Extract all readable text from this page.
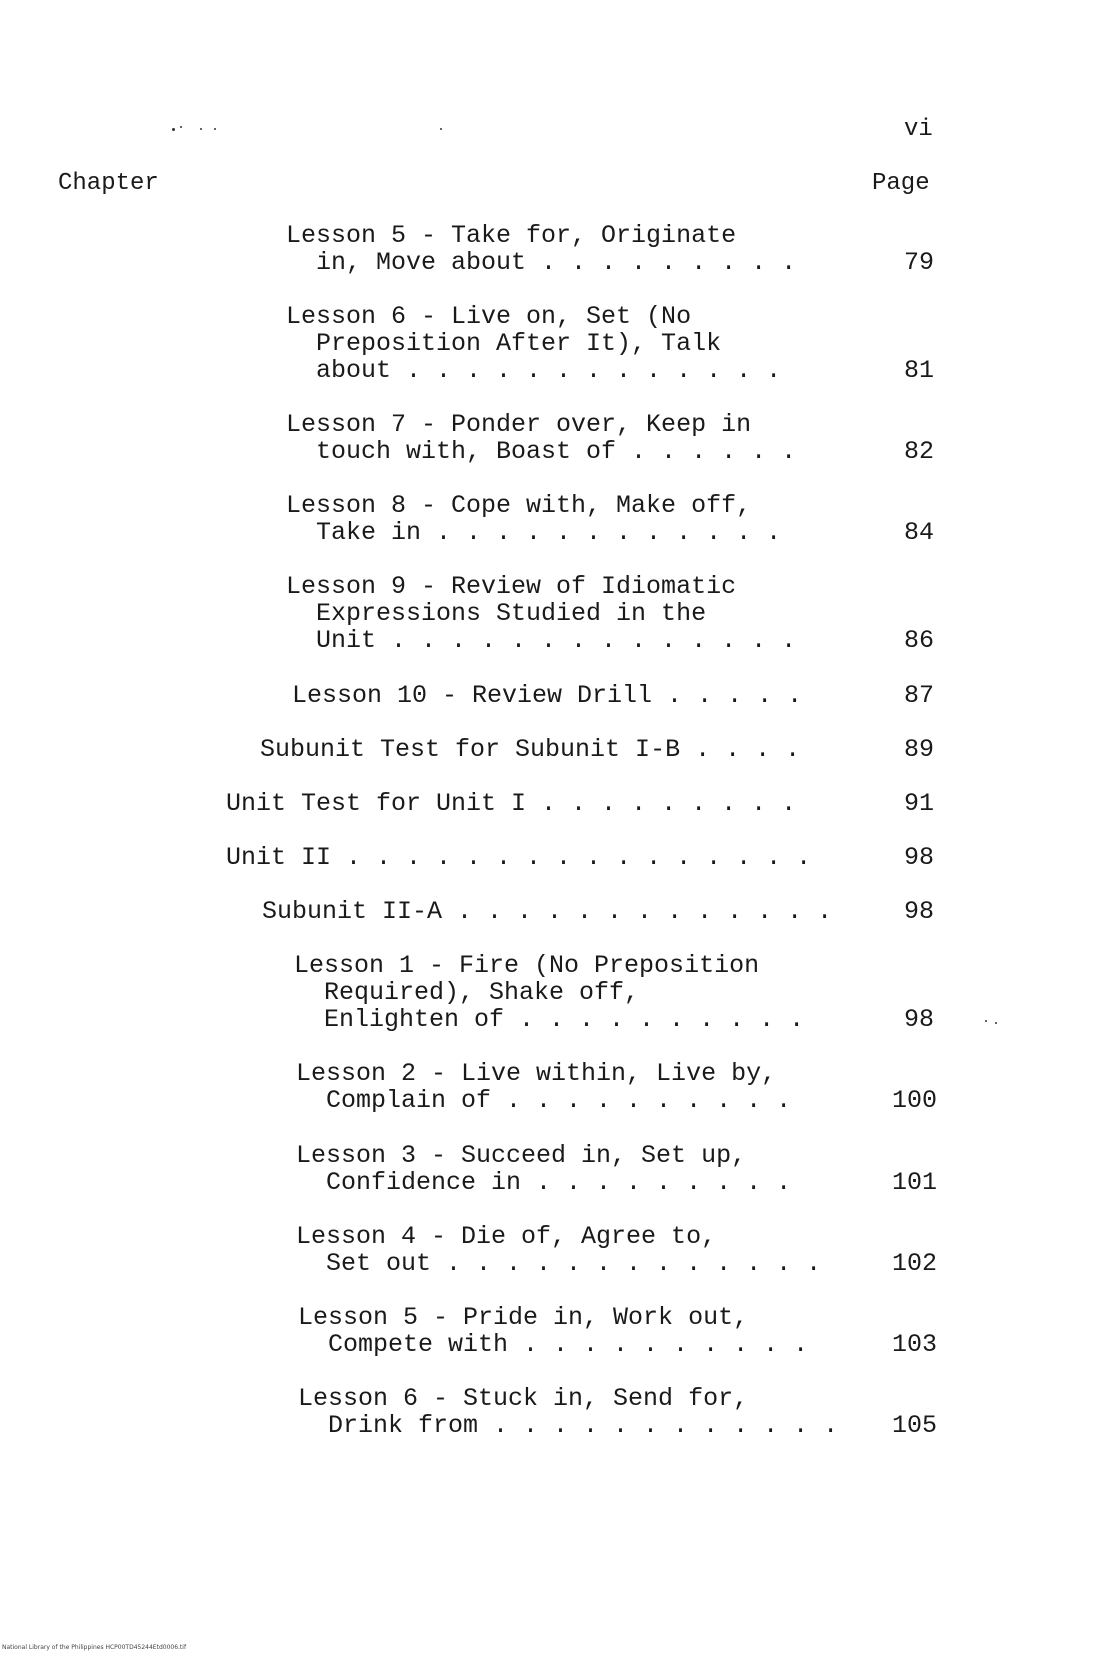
vi
Chapter	Page
Lesson 5 - Take for, Originate
in, Move about . . . . . . . . .	79
Lesson 6 - Live on, Set (No
Preposition After It), Talk
about . . . . . . . . . . . . .	81
Lesson 7 - Ponder over, Keep in
touch with, Boast of . . . . . .	82
Lesson 8 - Cope with, Make off,
Take in . . . . . . . . . . . .	84
Lesson 9 - Review of Idiomatic
Expressions Studied in the
Unit . . . . . . . . . . . . . .	86
Lesson 10 - Review Drill . . . . .	87
Subunit Test for Subunit I-B . . . .	89
Unit Test for Unit I . . . . . . . . .	91
Unit II . . . . . . . . . . . . . . . .	98
Subunit II-A . . . . . . . . . . . . .	98
Lesson 1 - Fire (No Preposition
Required), Shake off,
Enlighten of . . . . . . . . . .	98
Lesson 2 - Live within, Live by,
Complain of . . . . . . . . . .	100
Lesson 3 - Succeed in, Set up,
Confidence in . . . . . . . . .	101
Lesson 4 - Die of, Agree to,
Set out . . . . . . . . . . . . .	102
Lesson 5 - Pride in, Work out,
Compete with . . . . . . . . . .	103
Lesson 6 - Stuck in, Send for,
Drink from . . . . . . . . . . . . 105
National Library of the Philippines HCP00TD45244Etd0006.tif
